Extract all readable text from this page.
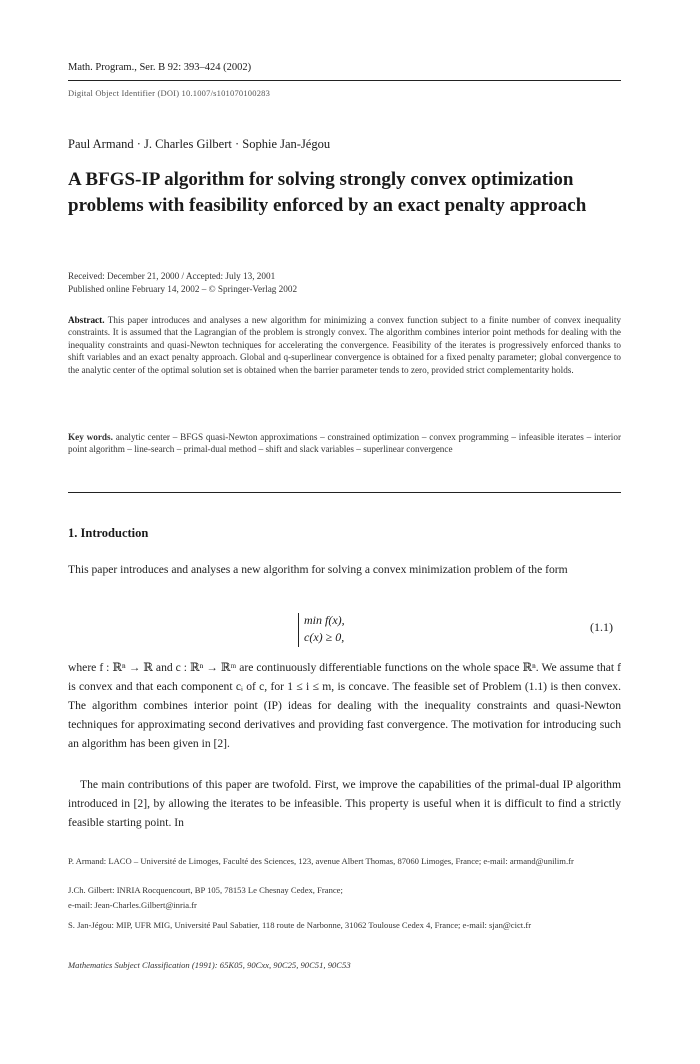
Math. Program., Ser. B 92: 393–424 (2002)
Digital Object Identifier (DOI) 10.1007/s101070100283
Paul Armand · J. Charles Gilbert · Sophie Jan-Jégou
A BFGS-IP algorithm for solving strongly convex optimization problems with feasibility enforced by an exact penalty approach
Received: December 21, 2000 / Accepted: July 13, 2001
Published online February 14, 2002 – © Springer-Verlag 2002
Abstract. This paper introduces and analyses a new algorithm for minimizing a convex function subject to a finite number of convex inequality constraints. It is assumed that the Lagrangian of the problem is strongly convex. The algorithm combines interior point methods for dealing with the inequality constraints and quasi-Newton techniques for accelerating the convergence. Feasibility of the iterates is progressively enforced thanks to shift variables and an exact penalty approach. Global and q-superlinear convergence is obtained for a fixed penalty parameter; global convergence to the analytic center of the optimal solution set is obtained when the barrier parameter tends to zero, provided strict complementarity holds.
Key words. analytic center – BFGS quasi-Newton approximations – constrained optimization – convex programming – infeasible iterates – interior point algorithm – line-search – primal-dual method – shift and slack variables – superlinear convergence
1. Introduction
This paper introduces and analyses a new algorithm for solving a convex minimization problem of the form
min f(x),
c(x) ≥ 0,
(1.1)
where f : ℝⁿ → ℝ and c : ℝⁿ → ℝᵐ are continuously differentiable functions on the whole space ℝⁿ. We assume that f is convex and that each component cᵢ of c, for 1 ≤ i ≤ m, is concave. The feasible set of Problem (1.1) is then convex. The algorithm combines interior point (IP) ideas for dealing with the inequality constraints and quasi-Newton techniques for approximating second derivatives and providing fast convergence. The motivation for introducing such an algorithm has been given in [2].
The main contributions of this paper are twofold. First, we improve the capabilities of the primal-dual IP algorithm introduced in [2], by allowing the iterates to be infeasible. This property is useful when it is difficult to find a strictly feasible starting point. In
P. Armand: LACO – Université de Limoges, Faculté des Sciences, 123, avenue Albert Thomas, 87060 Limoges, France; e-mail: armand@unilim.fr
J.Ch. Gilbert: INRIA Rocquencourt, BP 105, 78153 Le Chesnay Cedex, France;
e-mail: Jean-Charles.Gilbert@inria.fr
S. Jan-Jégou: MIP, UFR MIG, Université Paul Sabatier, 118 route de Narbonne, 31062 Toulouse Cedex 4, France; e-mail: sjan@cict.fr
Mathematics Subject Classification (1991): 65K05, 90Cxx, 90C25, 90C51, 90C53
